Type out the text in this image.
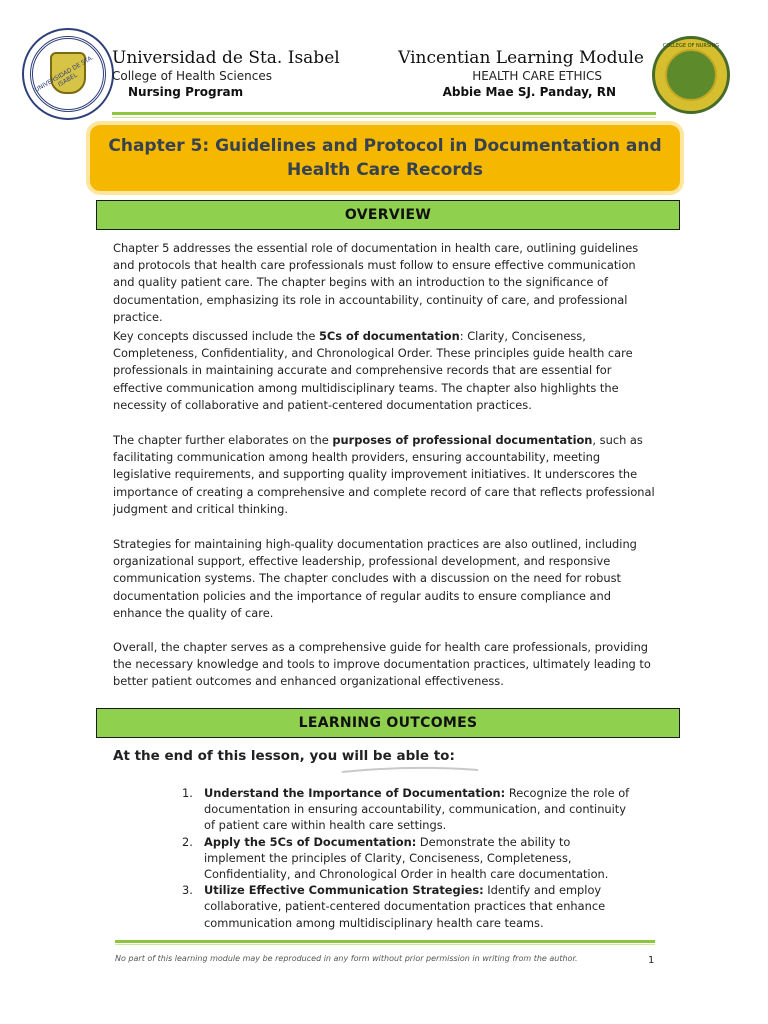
UNIVERSIDAD DE STA. ISABEL
Universidad de Sta. Isabel
College of Health Sciences
Nursing Program
Vincentian Learning Module
HEALTH CARE ETHICS
Abbie Mae SJ. Panday, RN
COLLEGE OF NURSING
Chapter 5: Guidelines and Protocol in Documentation and Health Care Records
OVERVIEW
Chapter 5 addresses the essential role of documentation in health care, outlining guidelines and protocols that health care professionals must follow to ensure effective communication and quality patient care. The chapter begins with an introduction to the significance of documentation, emphasizing its role in accountability, continuity of care, and professional practice.
Key concepts discussed include the 5Cs of documentation: Clarity, Conciseness, Completeness, Confidentiality, and Chronological Order. These principles guide health care professionals in maintaining accurate and comprehensive records that are essential for effective communication among multidisciplinary teams. The chapter also highlights the necessity of collaborative and patient-centered documentation practices.
The chapter further elaborates on the purposes of professional documentation, such as facilitating communication among health providers, ensuring accountability, meeting legislative requirements, and supporting quality improvement initiatives. It underscores the importance of creating a comprehensive and complete record of care that reflects professional judgment and critical thinking.
Strategies for maintaining high-quality documentation practices are also outlined, including organizational support, effective leadership, professional development, and responsive communication systems. The chapter concludes with a discussion on the need for robust documentation policies and the importance of regular audits to ensure compliance and enhance the quality of care.
Overall, the chapter serves as a comprehensive guide for health care professionals, providing the necessary knowledge and tools to improve documentation practices, ultimately leading to better patient outcomes and enhanced organizational effectiveness.
LEARNING OUTCOMES
At the end of this lesson, you will be able to:
1. Understand the Importance of Documentation: Recognize the role of documentation in ensuring accountability, communication, and continuity of patient care within health care settings.
2. Apply the 5Cs of Documentation: Demonstrate the ability to implement the principles of Clarity, Conciseness, Completeness, Confidentiality, and Chronological Order in health care documentation.
3. Utilize Effective Communication Strategies: Identify and employ collaborative, patient-centered documentation practices that enhance communication among multidisciplinary health care teams.
No part of this learning module may be reproduced in any form without prior permission in writing from the author.	1
